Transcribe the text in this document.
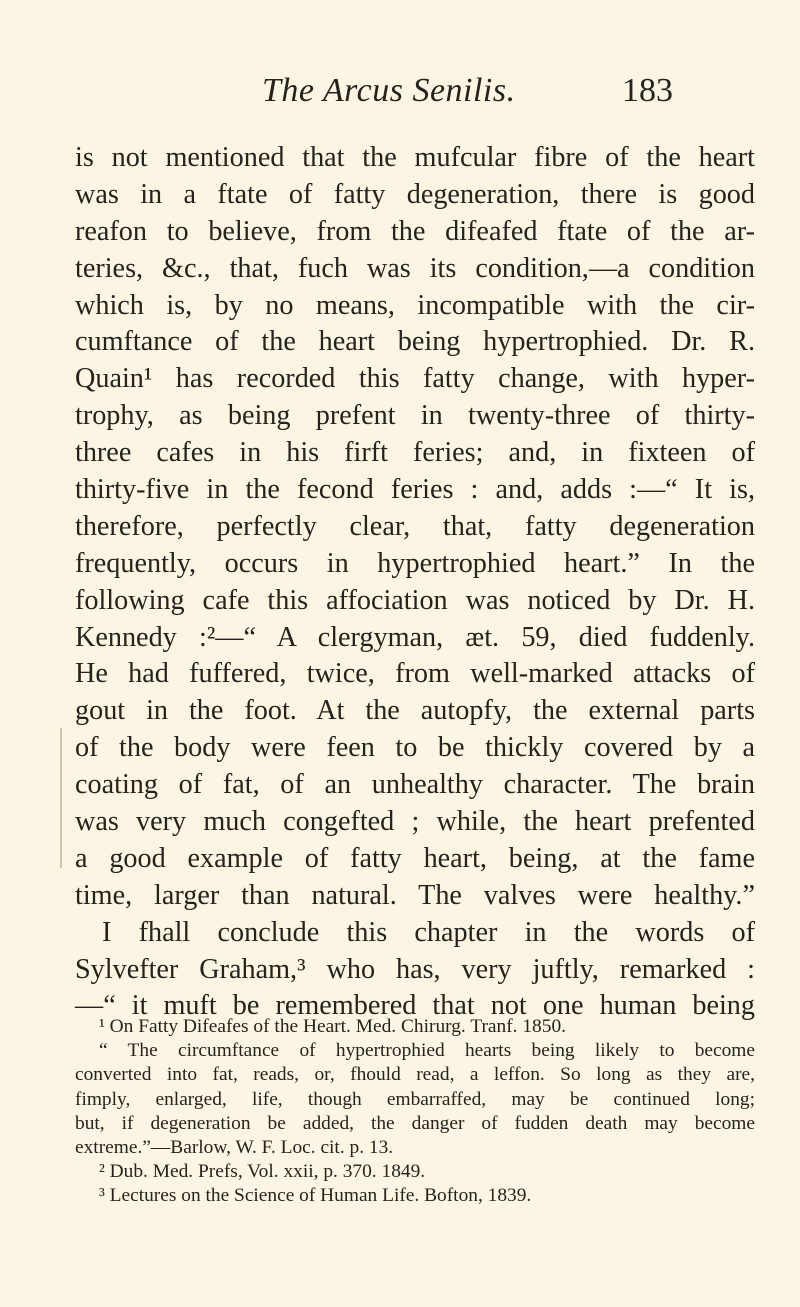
The Arcus Senilis.	183
is not mentioned that the mufcular fibre of the heart
was in a ftate of fatty degeneration, there is good
reafon to believe, from the difeafed ftate of the ar-
teries, &c., that, fuch was its condition,—a condition
which is, by no means, incompatible with the cir-
cumftance of the heart being hypertrophied. Dr. R.
Quain¹ has recorded this fatty change, with hyper-
trophy, as being prefent in twenty-three of thirty-
three cafes in his firft feries; and, in fixteen of
thirty-five in the fecond feries : and, adds :—“ It is,
therefore, perfectly clear, that, fatty degeneration
frequently, occurs in hypertrophied heart.” In the
following cafe this affociation was noticed by Dr. H.
Kennedy :²—“ A clergyman, æt. 59, died fuddenly.
He had fuffered, twice, from well-marked attacks of
gout in the foot. At the autopfy, the external parts
of the body were feen to be thickly covered by a
coating of fat, of an unhealthy character. The brain
was very much congefted ; while, the heart prefented
a good example of fatty heart, being, at the fame
time, larger than natural. The valves were healthy.”
I fhall conclude this chapter in the words of
Sylvefter Graham,³ who has, very juftly, remarked :
—“ it muft be remembered that not one human being
¹ On Fatty Difeafes of the Heart. Med. Chirurg. Tranf. 1850.
“ The circumftance of hypertrophied hearts being likely to become
converted into fat, reads, or, fhould read, a leffon. So long as they are,
fimply, enlarged, life, though embarraffed, may be continued long;
but, if degeneration be added, the danger of fudden death may become
extreme.”—Barlow, W. F. Loc. cit. p. 13.
² Dub. Med. Prefs, Vol. xxii, p. 370. 1849.
³ Lectures on the Science of Human Life. Bofton, 1839.
